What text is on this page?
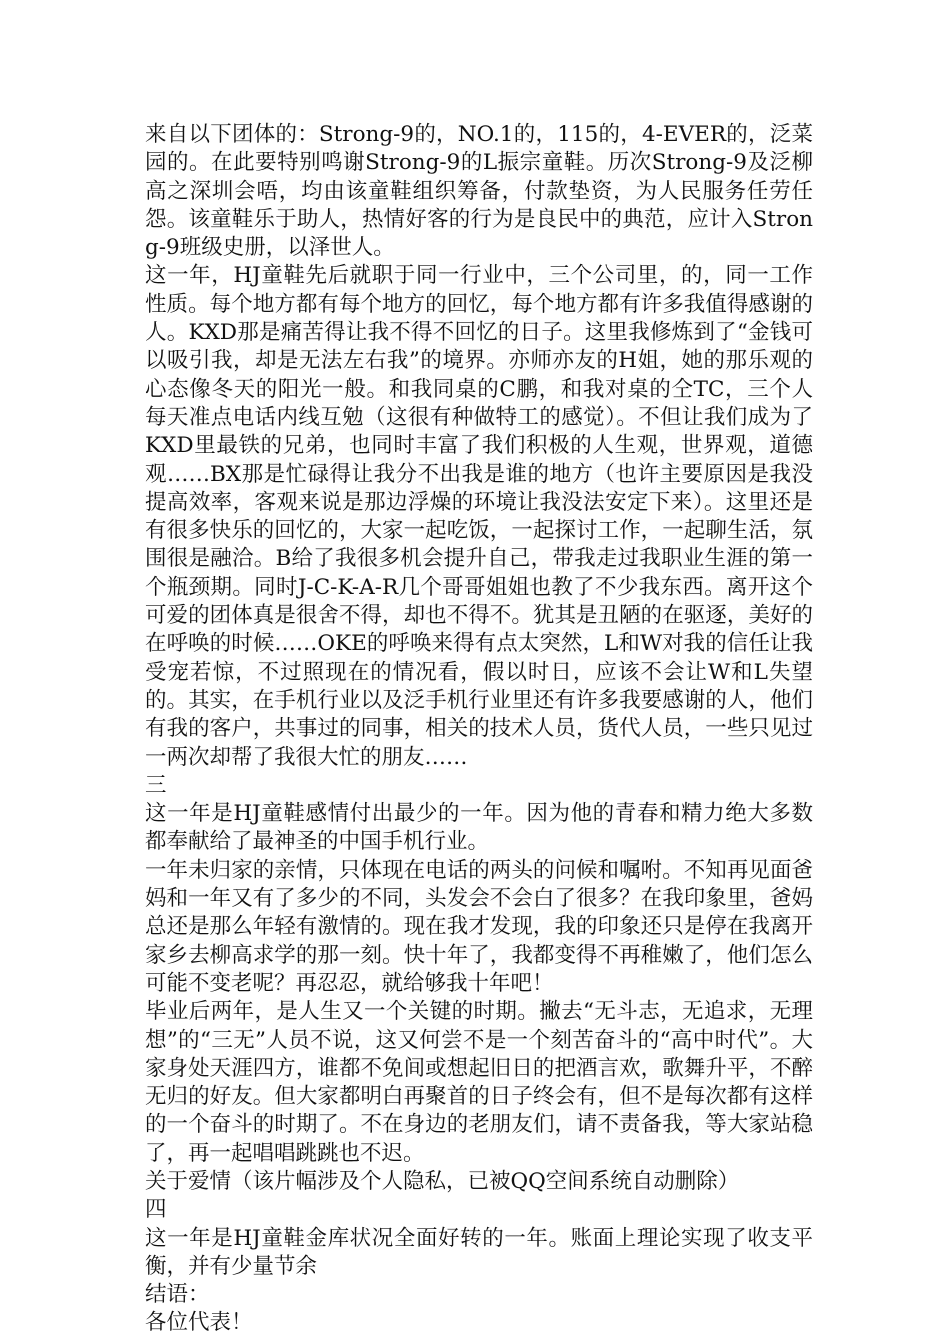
来自以下团体的：Strong-9的，NO.1的，115的，4-EVER的，泛菜园的。在此要特别鸣谢Strong-9的L振宗童鞋。历次Strong-9及泛柳高之深圳会唔，均由该童鞋组织筹备，付款垫资，为人民服务任劳任怨。该童鞋乐于助人，热情好客的行为是良民中的典范，应计入Strong-9班级史册，以泽世人。

这一年，HJ童鞋先后就职于同一行业中，三个公司里，的，同一工作性质。每个地方都有每个地方的回忆，每个地方都有许多我值得感谢的人。KXD那是痛苦得让我不得不回忆的日子。这里我修炼到了“金钱可以吸引我，却是无法左右我”的境界。亦师亦友的H姐，她的那乐观的心态像冬天的阳光一般。和我同桌的C鹏，和我对桌的仝TC，三个人每天准点电话内线互勉（这很有种做特工的感觉）。不但让我们成为了KXD里最铁的兄弟，也同时丰富了我们积极的人生观，世界观，道德观……BX那是忙碌得让我分不出我是谁的地方（也许主要原因是我没提高效率，客观来说是那边浮燥的环境让我没法安定下来）。这里还是有很多快乐的回忆的，大家一起吃饭，一起探讨工作，一起聊生活，氛围很是融洽。B给了我很多机会提升自己，带我走过我职业生涯的第一个瓶颈期。同时J-C-K-A-R几个哥哥姐姐也教了不少我东西。离开这个可爱的团体真是很舍不得，却也不得不。犹其是丑陋的在驱逐，美好的在呼唤的时候……OKE的呼唤来得有点太突然，L和W对我的信任让我受宠若惊，不过照现在的情况看，假以时日，应该不会让W和L失望的。其实，在手机行业以及泛手机行业里还有许多我要感谢的人，他们有我的客户，共事过的同事，相关的技术人员，货代人员，一些只见过一两次却帮了我很大忙的朋友……

三

这一年是HJ童鞋感情付出最少的一年。因为他的青春和精力绝大多数都奉献给了最神圣的中国手机行业。

一年未归家的亲情，只体现在电话的两头的问候和嘱咐。不知再见面爸妈和一年又有了多少的不同，头发会不会白了很多？在我印象里，爸妈总还是那么年轻有激情的。现在我才发现，我的印象还只是停在我离开家乡去柳高求学的那一刻。快十年了，我都变得不再稚嫩了，他们怎么可能不变老呢？再忍忍，就给够我十年吧！

毕业后两年，是人生又一个关键的时期。撇去“无斗志，无追求，无理想”的“三无”人员不说，这又何尝不是一个刻苦奋斗的“高中时代”。大家身处天涯四方，谁都不免间或想起旧日的把酒言欢，歌舞升平，不醉无归的好友。但大家都明白再聚首的日子终会有，但不是每次都有这样的一个奋斗的时期了。不在身边的老朋友们，请不责备我，等大家站稳了，再一起唱唱跳跳也不迟。

关于爱情（该片幅涉及个人隐私，已被QQ空间系统自动删除）

四

这一年是HJ童鞋金库状况全面好转的一年。账面上理论实现了收支平衡，并有少量节余

结语：

各位代表！
